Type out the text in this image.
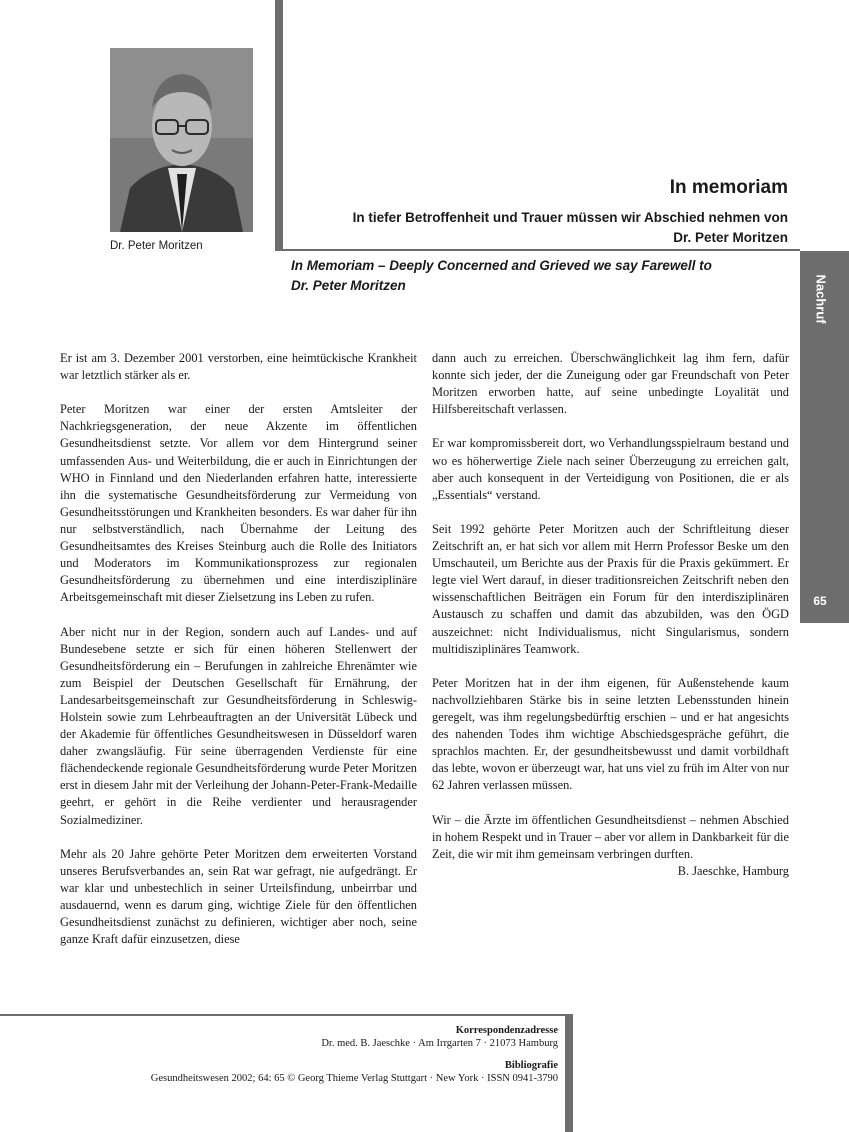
Dr. Peter Moritzen
In memoriam
In tiefer Betroffenheit und Trauer müssen wir Abschied nehmen von
Dr. Peter Moritzen
In Memoriam – Deeply Concerned and Grieved we say Farewell to
Dr. Peter Moritzen	Nachruf
65

Er ist am 3. Dezember 2001 verstorben, eine heimtückische Krankheit war letztlich stärker als er.

Peter Moritzen war einer der ersten Amtsleiter der Nachkriegsgeneration, der neue Akzente im öffentlichen Gesundheitsdienst setzte. Vor allem vor dem Hintergrund seiner umfassenden Aus- und Weiterbildung, die er auch in Einrichtungen der WHO in Finnland und den Niederlanden erfahren hatte, interessierte ihn die systematische Gesundheitsförderung zur Vermeidung von Gesundheitsstörungen und Krankheiten besonders. Es war daher für ihn nur selbstverständlich, nach Übernahme der Leitung des Gesundheitsamtes des Kreises Steinburg auch die Rolle des Initiators und Moderators im Kommunikationsprozess zur regionalen Gesundheitsförderung zu übernehmen und eine interdisziplinäre Arbeitsgemeinschaft mit dieser Zielsetzung ins Leben zu rufen.

Aber nicht nur in der Region, sondern auch auf Landes- und auf Bundesebene setzte er sich für einen höheren Stellenwert der Gesundheitsförderung ein – Berufungen in zahlreiche Ehrenämter wie zum Beispiel der Deutschen Gesellschaft für Ernährung, der Landesarbeitsgemeinschaft zur Gesundheitsförderung in Schleswig-Holstein sowie zum Lehrbeauftragten an der Universität Lübeck und der Akademie für öffentliches Gesundheitswesen in Düsseldorf waren daher zwangsläufig. Für seine überragenden Verdienste für eine flächendeckende regionale Gesundheitsförderung wurde Peter Moritzen erst in diesem Jahr mit der Verleihung der Johann-Peter-Frank-Medaille geehrt, er gehört in die Reihe verdienter und herausragender Sozialmediziner.

Mehr als 20 Jahre gehörte Peter Moritzen dem erweiterten Vorstand unseres Berufsverbandes an, sein Rat war gefragt, nie aufgedrängt. Er war klar und unbestechlich in seiner Urteilsfindung, unbeirrbar und ausdauernd, wenn es darum ging, wichtige Ziele für den öffentlichen Gesundheitsdienst zunächst zu definieren, wichtiger aber noch, seine ganze Kraft dafür einzusetzen, diese

dann auch zu erreichen. Überschwänglichkeit lag ihm fern, dafür konnte sich jeder, der die Zuneigung oder gar Freundschaft von Peter Moritzen erworben hatte, auf seine unbedingte Loyalität und Hilfsbereitschaft verlassen.

Er war kompromissbereit dort, wo Verhandlungsspielraum bestand und wo es höherwertige Ziele nach seiner Überzeugung zu erreichen galt, aber auch konsequent in der Verteidigung von Positionen, die er als „Essentials“ verstand.

Seit 1992 gehörte Peter Moritzen auch der Schriftleitung dieser Zeitschrift an, er hat sich vor allem mit Herrn Professor Beske um den Umschauteil, um Berichte aus der Praxis für die Praxis gekümmert. Er legte viel Wert darauf, in dieser traditionsreichen Zeitschrift neben den wissenschaftlichen Beiträgen ein Forum für den interdisziplinären Austausch zu schaffen und damit das abzubilden, was den ÖGD auszeichnet: nicht Individualismus, nicht Singularismus, sondern multidisziplinäres Teamwork.

Peter Moritzen hat in der ihm eigenen, für Außenstehende kaum nachvollziehbaren Stärke bis in seine letzten Lebensstunden hinein geregelt, was ihm regelungsbedürftig erschien – und er hat angesichts des nahenden Todes ihm wichtige Abschiedsgespräche geführt, die sprachlos machten. Er, der gesundheitsbewusst und damit vorbildhaft das lebte, wovon er überzeugt war, hat uns viel zu früh im Alter von nur 62 Jahren verlassen müssen.

Wir – die Ärzte im öffentlichen Gesundheitsdienst – nehmen Abschied in hohem Respekt und in Trauer – aber vor allem in Dankbarkeit für die Zeit, die wir mit ihm gemeinsam verbringen durften.

B. Jaeschke, Hamburg
Korrespondenzadresse
Dr. med. B. Jaeschke · Am Irrgarten 7 · 21073 Hamburg
Bibliografie
Gesundheitswesen 2002; 64: 65 © Georg Thieme Verlag Stuttgart · New York · ISSN 0941-3790
